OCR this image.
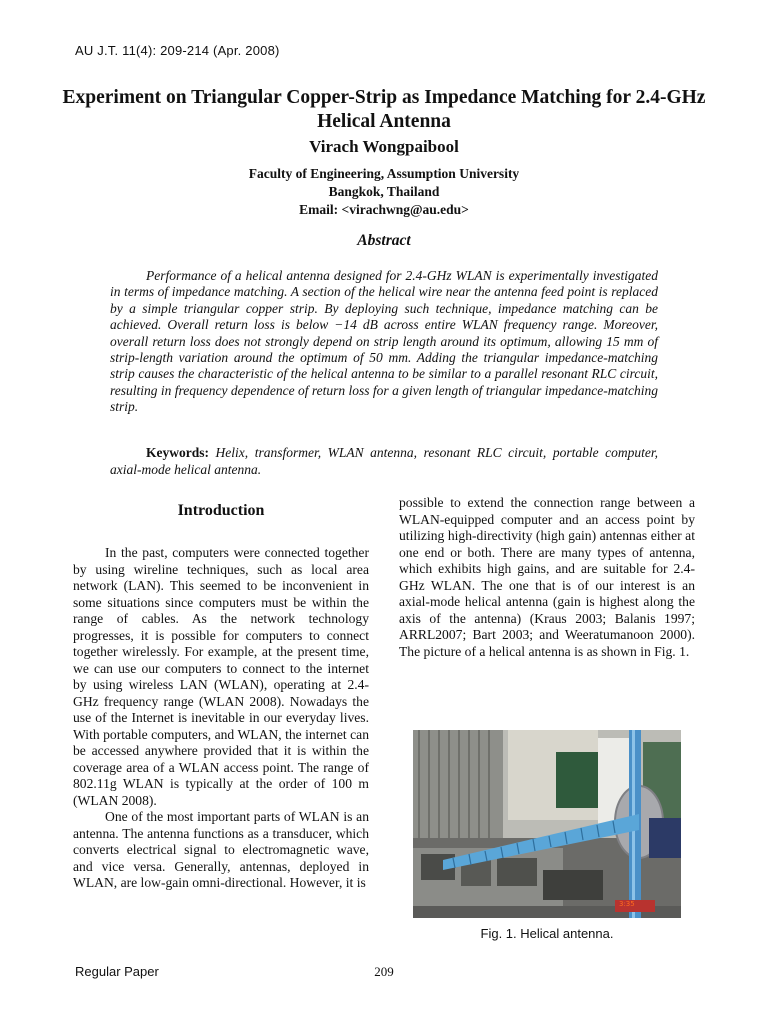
AU J.T. 11(4): 209-214 (Apr. 2008)
Experiment on Triangular Copper-Strip as Impedance Matching for 2.4-GHz Helical Antenna
Virach Wongpaibool
Faculty of Engineering, Assumption University
Bangkok, Thailand
Email: <virachwng@au.edu>
Abstract

Performance of a helical antenna designed for 2.4-GHz WLAN is experimentally investigated in terms of impedance matching. A section of the helical wire near the antenna feed point is replaced by a simple triangular copper strip. By deploying such technique, impedance matching can be achieved. Overall return loss is below −14 dB across entire WLAN frequency range. Moreover, overall return loss does not strongly depend on strip length around its optimum, allowing 15 mm of strip-length variation around the optimum of 50 mm. Adding the triangular impedance-matching strip causes the characteristic of the helical antenna to be similar to a parallel resonant RLC circuit, resulting in frequency dependence of return loss for a given length of triangular impedance-matching strip.

Keywords: Helix, transformer, WLAN antenna, resonant RLC circuit, portable computer, axial-mode helical antenna.

Introduction

In the past, computers were connected together by using wireline techniques, such as local area network (LAN). This seemed to be inconvenient in some situations since computers must be within the range of cables. As the network technology progresses, it is possible for computers to connect together wirelessly. For example, at the present time, we can use our computers to connect to the internet by using wireless LAN (WLAN), operating at 2.4-GHz frequency range (WLAN 2008). Nowadays the use of the Internet is inevitable in our everyday lives. With portable computers, and WLAN, the internet can be accessed anywhere provided that it is within the coverage area of a WLAN access point. The range of 802.11g WLAN is typically at the order of 100 m (WLAN 2008).

One of the most important parts of WLAN is an antenna. The antenna functions as a transducer, which converts electrical signal to electromagnetic wave, and vice versa. Generally, antennas, deployed in WLAN, are low-gain omni-directional. However, it is

possible to extend the connection range between a WLAN-equipped computer and an access point by utilizing high-directivity (high gain) antennas either at one end or both. There are many types of antenna, which exhibits high gains, and are suitable for 2.4-GHz WLAN. The one that is of our interest is an axial-mode helical antenna (gain is highest along the axis of the antenna) (Kraus 2003; Balanis 1997; ARRL2007; Bart 2003; and Weeratumanoon 2000). The picture of a helical antenna is as shown in Fig. 1.

3:35
Fig. 1. Helical antenna.
Regular Paper	209
